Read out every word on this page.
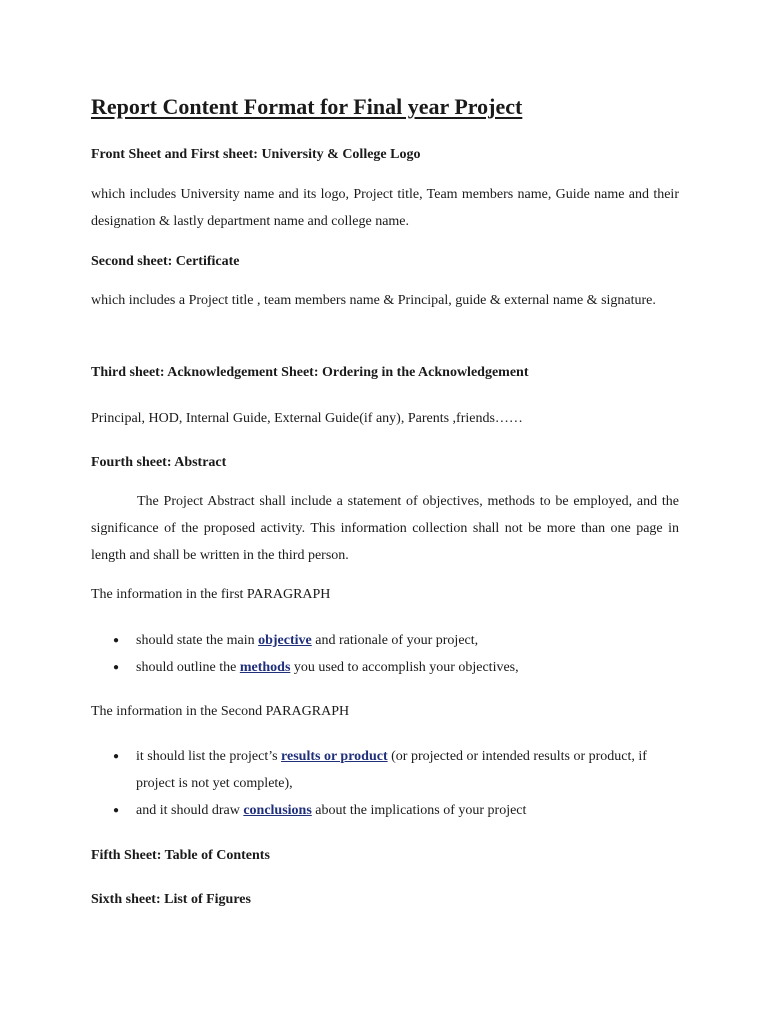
Report Content Format for Final year Project
Front Sheet and First sheet: University & College Logo

which includes University name and its logo, Project title, Team members name, Guide name and their designation & lastly department name and college name.

Second sheet: Certificate

which includes a Project title , team members name & Principal, guide & external name & signature.

Third sheet: Acknowledgement Sheet: Ordering in the Acknowledgement

Principal, HOD, Internal Guide, External Guide(if any), Parents ,friends……

Fourth sheet: Abstract

The Project Abstract shall include a statement of objectives, methods to be employed, and the significance of the proposed activity. This information collection shall not be more than one page in length and shall be written in the third person.

The information in the first PARAGRAPH

● should state the main objective and rationale of your project,
● should outline the methods you used to accomplish your objectives,

The information in the Second PARAGRAPH

● it should list the project’s results or product (or projected or intended results or product, if project is not yet complete),
● and it should draw conclusions about the implications of your project
Fifth Sheet: Table of Contents
Sixth sheet: List of Figures
